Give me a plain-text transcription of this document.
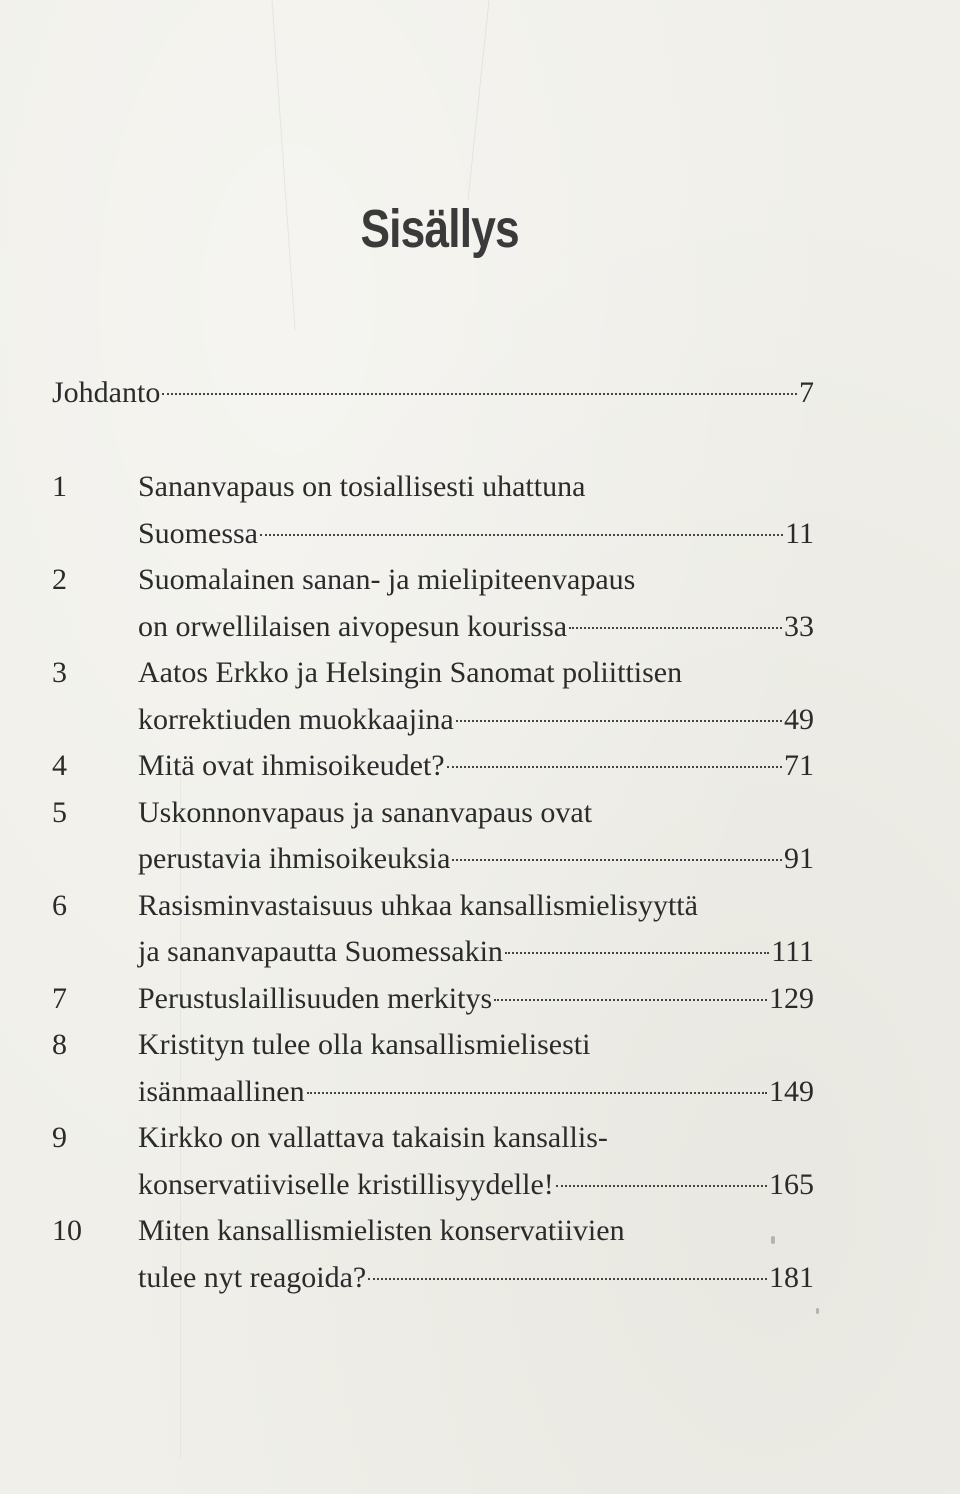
Sisällys
Johdanto	7
1	Sananvapaus on tosiallisesti uhattuna
Suomessa	11
2	Suomalainen sanan- ja mielipiteenvapaus
on orwellilaisen aivopesun kourissa	33
3	Aatos Erkko ja Helsingin Sanomat poliittisen
korrektiuden muokkaajina	49
4	Mitä ovat ihmisoikeudet?	71
5	Uskonnonvapaus ja sananvapaus ovat
perustavia ihmisoikeuksia	91
6	Rasisminvastaisuus uhkaa kansallismielisyyttä
ja sananvapautta Suomessakin	111
7	Perustuslaillisuuden merkitys	129
8	Kristityn tulee olla kansallismielisesti
isänmaallinen	149
9	Kirkko on vallattava takaisin kansallis-
konservatiiviselle kristillisyydelle!	165
10	Miten kansallismielisten konservatiivien
tulee nyt reagoida?	181
